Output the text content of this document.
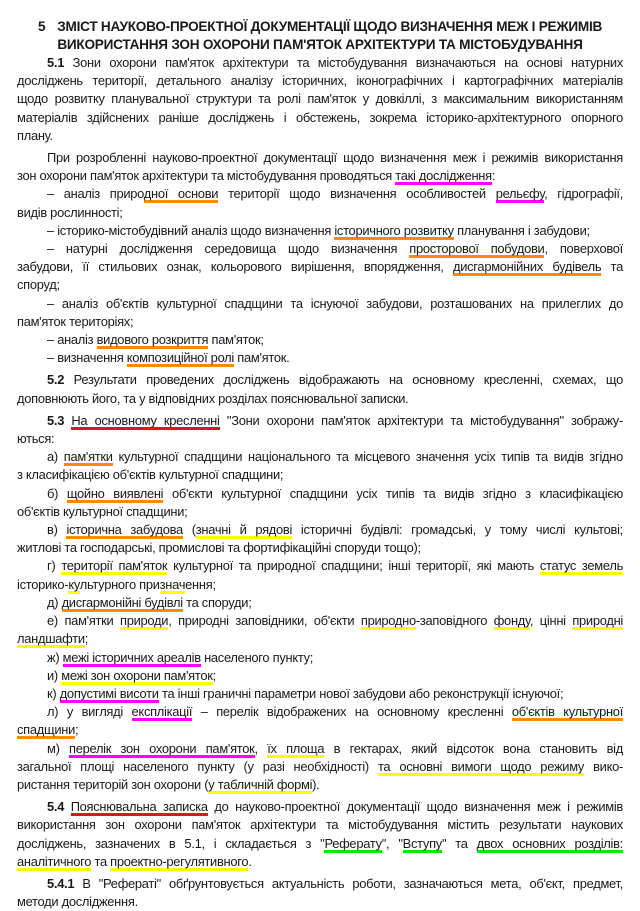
5 ЗМІСТ НАУКОВО-ПРОЕКТНОЇ ДОКУМЕНТАЦІЇ ЩОДО ВИЗНАЧЕННЯ МЕЖ І РЕЖИМІВ
ВИКОРИСТАННЯ ЗОН ОХОРОНИ ПАМ'ЯТОК АРХІТЕКТУРИ ТА МІСТОБУДУВАННЯ
5.1 Зони охорони пам'яток архітектури та містобудування визначаються на основі натурних
досліджень території, детального аналізу історичних, іконографічних і картографічних матеріалів
щодо розвитку планувальної структури та ролі пам'яток у довкіллі, з максимальним використанням
матеріалів здійснених раніше досліджень і обстежень, зокрема історико-архітектурного опорного
плану.
При розробленні науково-проектної документації щодо визначення меж і режимів використання
зон охорони пам'яток архітектури та містобудування проводяться такі дослідження:
– аналіз природної основи території щодо визначення особливостей рельєфу, гідрографії,
видів рослинності;
– історико-містобудівний аналіз щодо визначення історичного розвитку планування і забудови;
– натурні дослідження середовища щодо визначення просторової побудови, поверхової
забудови, її стильових ознак, кольорового вирішення, впорядження, дисгармонійних будівель та
споруд;
– аналіз об'єктів культурної спадщини та існуючої забудови, розташованих на прилеглих до
пам'яток територіях;
– аналіз видового розкриття пам'яток;
– визначення композиційної ролі пам'яток.
5.2 Результати проведених досліджень відображають на основному кресленні, схемах, що
доповнюють його, та у відповідних розділах пояснювальної записки.
5.3 На основному кресленні "Зони охорони пам'яток архітектури та містобудування" зображу-
ються:
а) пам'ятки культурної спадщини національного та місцевого значення усіх типів та видів згідно
з класифікацією об'єктів культурної спадщини;
б) щойно виявлені об'єкти культурної спадщини усіх типів та видів згідно з класифікацією
об'єктів культурної спадщини;
в) історична забудова (значні й рядові історичні будівлі: громадські, у тому числі культові;
житлові та господарські, промислові та фортифікаційні споруди тощо);
г) території пам'яток культурної та природної спадщини; інші території, які мають статус земель
історико-культурного призначення;
д) дисгармонійні будівлі та споруди;
е) пам'ятки природи, природні заповідники, об'єкти природно-заповідного фонду, цінні природні
ландшафти;
ж) межі історичних ареалів населеного пункту;
и) межі зон охорони пам'яток;
к) допустимі висоти та інші граничні параметри нової забудови або реконструкції існуючої;
л) у вигляді експлікації – перелік відображених на основному кресленні об'єктів культурної
спадщини;
м) перелік зон охорони пам'яток, їх площа в гектарах, який відсоток вона становить від
загальної площі населеного пункту (у разі необхідності) та основні вимоги щодо режиму вико-
ристання територій зон охорони (у табличній формі).
5.4 Пояснювальна записка до науково-проектної документації щодо визначення меж і режимів
використання зон охорони пам'яток архітектури та містобудування містить результати наукових
досліджень, зазначених в 5.1, і складається з "Реферату", "Вступу" та двох основних розділів:
аналітичного та проектно-регулятивного.
5.4.1 В "Рефераті" обґрунтовується актуальність роботи, зазначаються мета, об'єкт, предмет,
методи дослідження.
